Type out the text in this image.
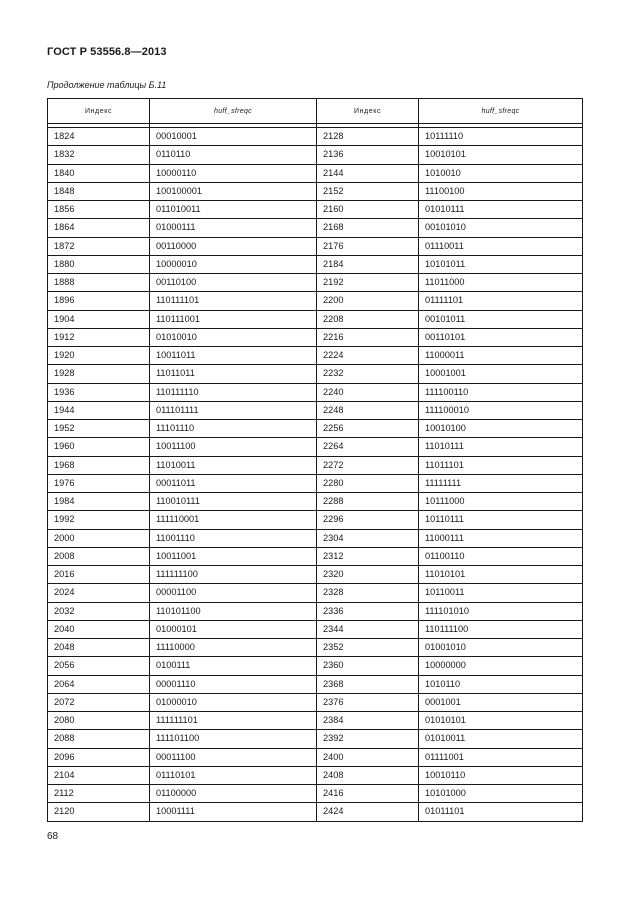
ГОСТ Р 53556.8—2013
Продолжение таблицы Б.11
Индекс	huff_sfreqc	Индекс	huff_sfreqc

1824	00010001	2128	10111110
1832	0110110	2136	10010101
1840	10000110	2144	1010010
1848	100100001	2152	11100100
1856	011010011	2160	01010111
1864	01000111	2168	00101010
1872	00110000	2176	01110011
1880	10000010	2184	10101011
1888	00110100	2192	11011000
1896	110111101	2200	01111101
1904	110111001	2208	00101011
1912	01010010	2216	00110101
1920	10011011	2224	11000011
1928	11011011	2232	10001001
1936	110111110	2240	111100110
1944	011101111	2248	111100010
1952	11101110	2256	10010100
1960	10011100	2264	11010111
1968	11010011	2272	11011101
1976	00011011	2280	11111111
1984	110010111	2288	10111000
1992	111110001	2296	10110111
2000	11001110	2304	11000111
2008	10011001	2312	01100110
2016	111111100	2320	11010101
2024	00001100	2328	10110011
2032	110101100	2336	111101010
2040	01000101	2344	110111100
2048	11110000	2352	01001010
2056	0100111	2360	10000000
2064	00001110	2368	1010110
2072	01000010	2376	0001001
2080	111111101	2384	01010101
2088	111101100	2392	01010011
2096	00011100	2400	01111001
2104	01110101	2408	10010110
2112	01100000	2416	10101000
2120	10001111	2424	01011101
68
